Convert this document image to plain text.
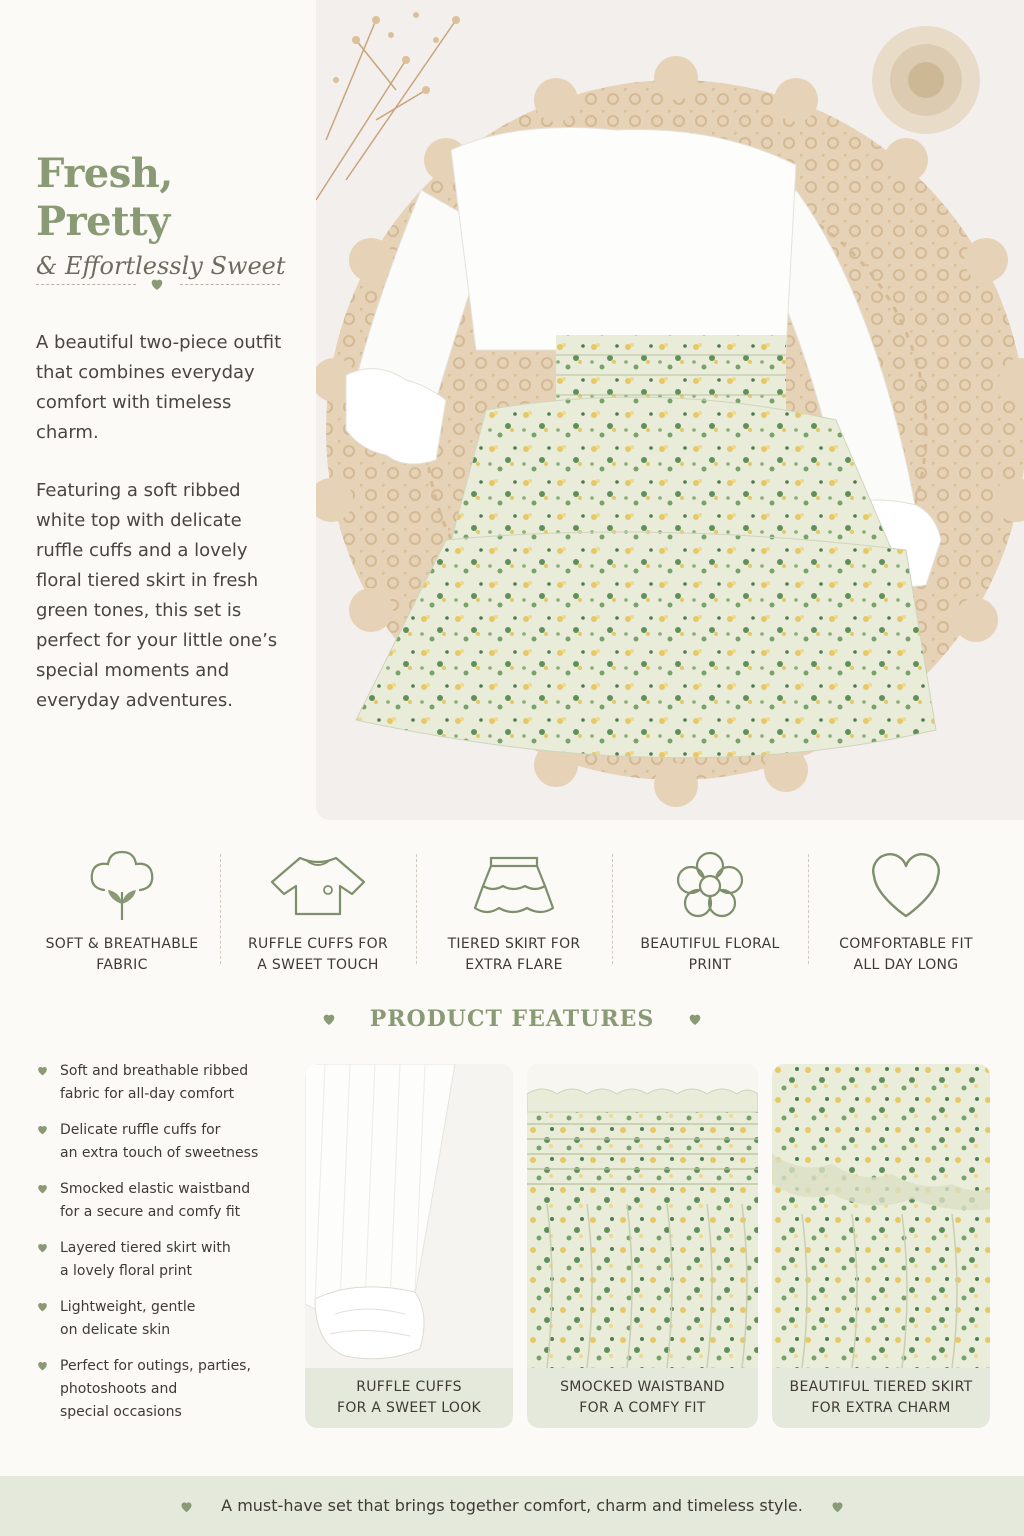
Fresh, Pretty
& Effortlessly Sweet

A beautiful two-piece outfit that combines everyday comfort with timeless charm.

Featuring a soft ribbed white top with delicate ruffle cuffs and a lovely floral tiered skirt in fresh green tones, this set is perfect for your little one’s special moments and everyday adventures.

SOFT & BREATHABLE
FABRIC
RUFFLE CUFFS FOR
A SWEET TOUCH
TIERED SKIRT FOR
EXTRA FLARE
BEAUTIFUL FLORAL
PRINT
COMFORTABLE FIT
ALL DAY LONG
PRODUCT FEATURES
Soft and breathable ribbed
fabric for all-day comfort
Delicate ruffle cuffs for
an extra touch of sweetness
Smocked elastic waistband
for a secure and comfy fit
Layered tiered skirt with
a lovely floral print
Lightweight, gentle
on delicate skin
Perfect for outings, parties,
photoshoots and
special occasions
RUFFLE CUFFS
FOR A SWEET LOOK
SMOCKED WAISTBAND
FOR A COMFY FIT
BEAUTIFUL TIERED SKIRT
FOR EXTRA CHARM
A must-have set that brings together comfort, charm and timeless style.
